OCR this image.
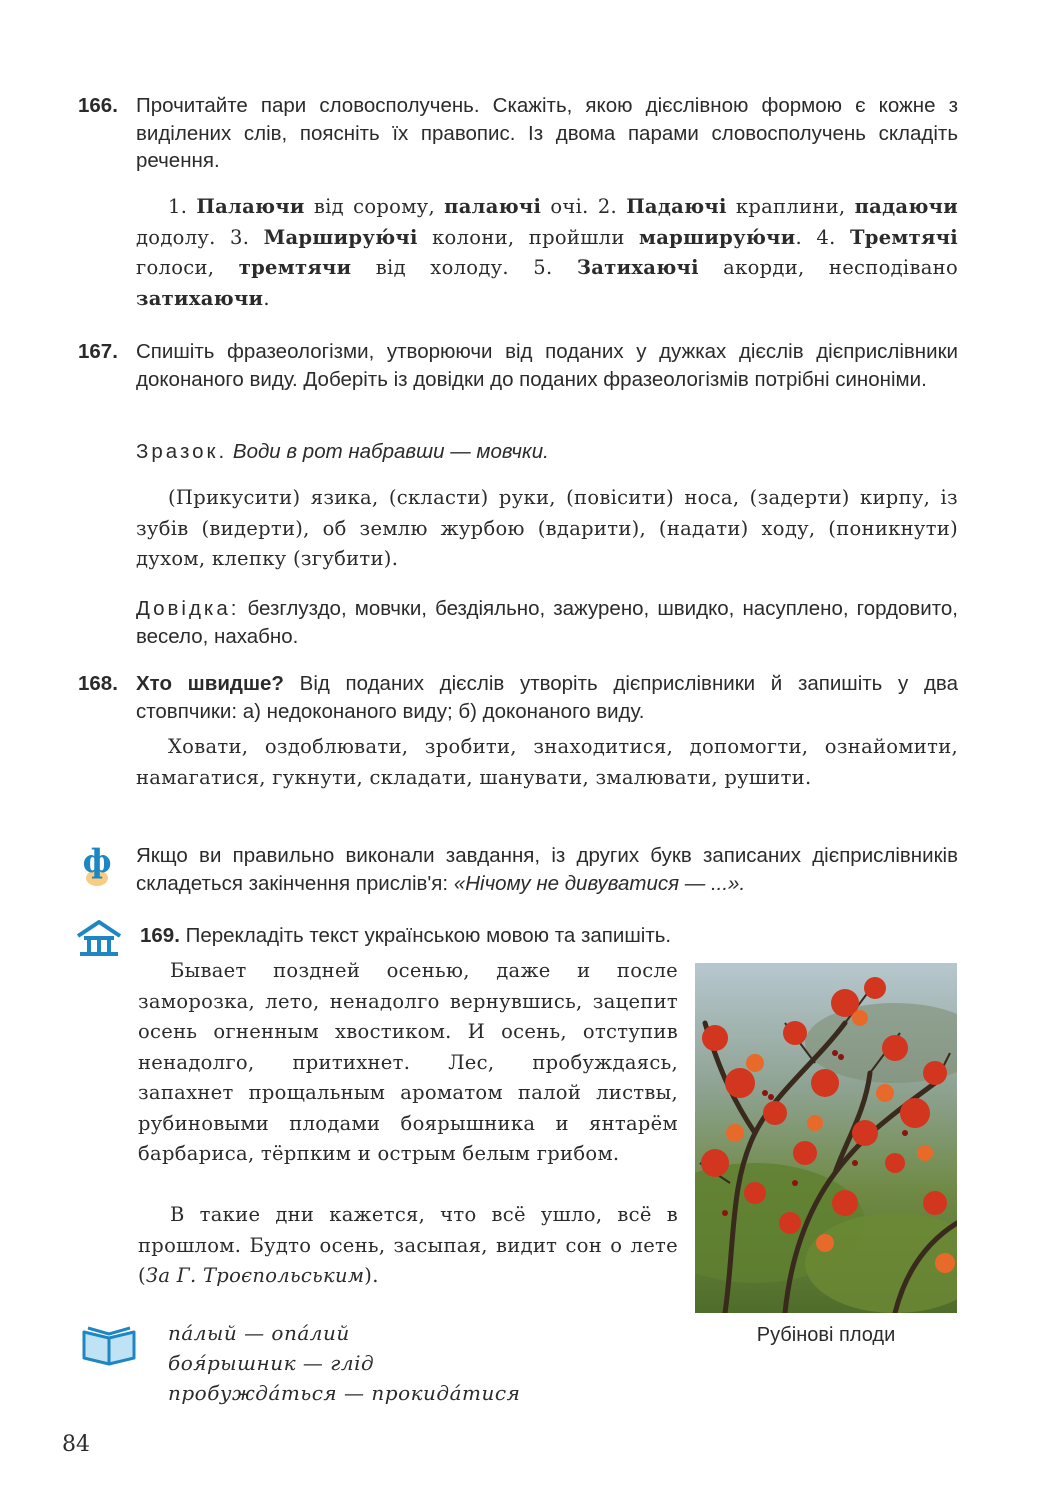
166. Прочитайте пари словосполучень. Скажіть, якою дієслівною формою є кожне з виділених слів, поясніть їх правопис. Із двома парами словосполучень складіть речення.

1. Палаючи від сорому, палаючі очі. 2. Падаючі краплини, падаючи додолу. 3. Марширую́чі колони, пройшли марширую́чи. 4. Тремтячі голоси, тремтячи від холоду. 5. Затихаючі акорди, несподівано затихаючи.

167. Спишіть фразеологізми, утворюючи від поданих у дужках дієслів дієприслівники доконаного виду. Доберіть із довідки до поданих фразеологізмів потрібні синоніми.

Зразок. Води в рот набравши — мовчки.

(Прикусити) язика, (скласти) руки, (повісити) носа, (задерти) кирпу, із зубів (видерти), об землю журбою (вдарити), (надати) ходу, (поникнути) духом, клепку (згубити).

Довідка: безглуздо, мовчки, бездіяльно, зажурено, швидко, насуплено, гордовито, весело, нахабно.

168. Хто швидше? Від поданих дієслів утворіть дієприслівники й запишіть у два стовпчики: а) недоконаного виду; б) доконаного виду.

Ховати, оздоблювати, зробити, знаходитися, допомогти, ознайомити, намагатися, гукнути, складати, шанувати, змалювати, рушити.

ф Якщо ви правильно виконали завдання, із других букв записаних дієприслівників складеться закінчення прислів'я: «Нічому не дивуватися — ...».

169. Перекладіть текст українською мовою та запишіть.

Бывает поздней осенью, даже и после заморозка, лето, ненадолго вернувшись, зацепит осень огненным хвостиком. И осень, отступив ненадолго, притихнет. Лес, пробуждаясь, запахнет прощальным ароматом палой листвы, рубиновыми плодами боярышника и янтарём барбариса, тёрпким и острым белым грибом.

В такие дни кажется, что всё ушло, всё в прошлом. Будто осень, засыпая, видит сон о лете (За Г. Троєпольським).

Рубінові плоди
па́лый — опа́лий
боя́рышник — глід
пробужда́ться — прокида́тися
84
